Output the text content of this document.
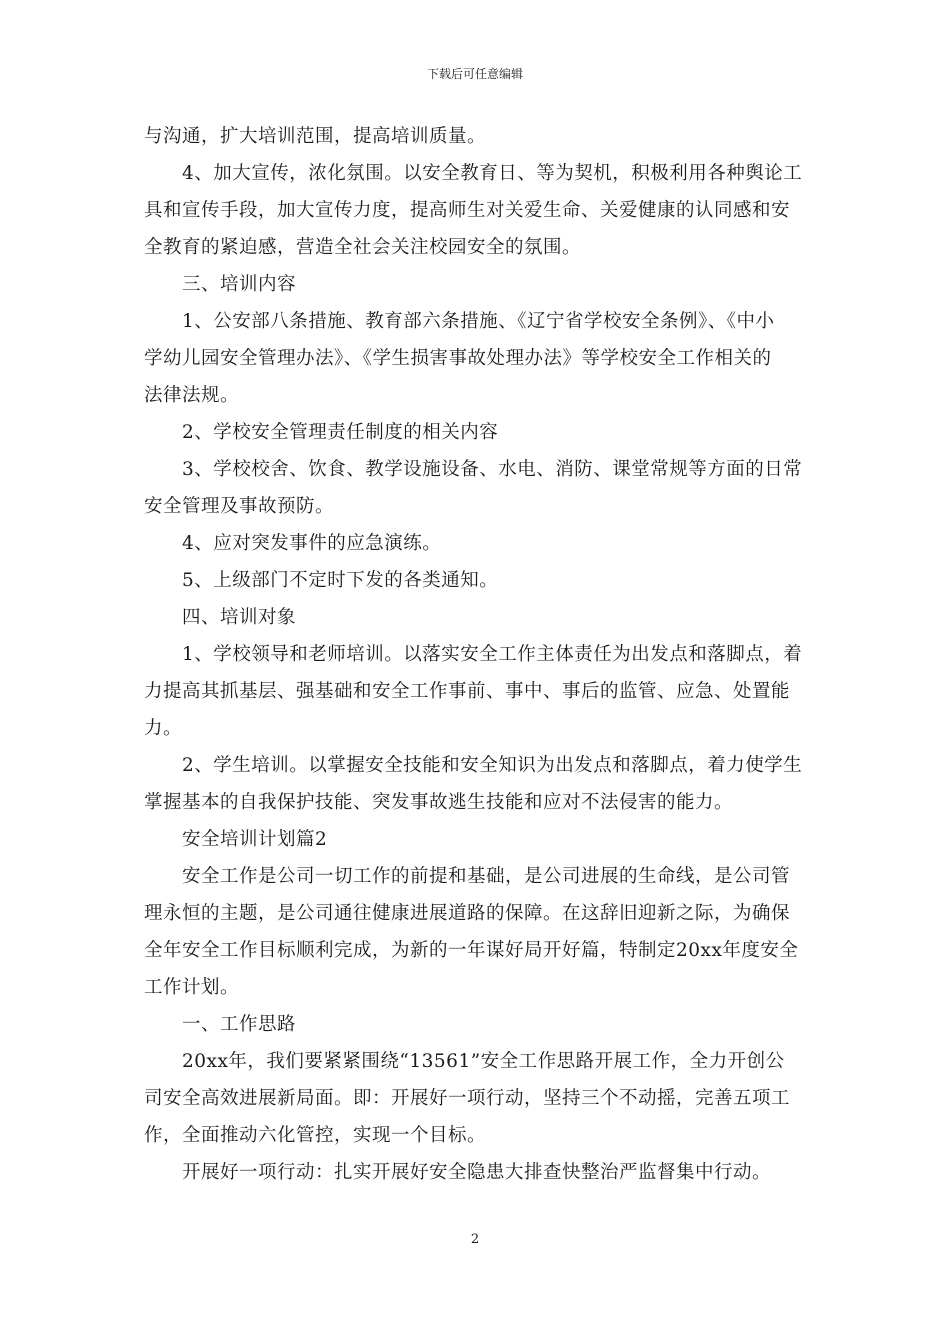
下载后可任意编辑
与沟通，扩大培训范围，提高培训质量。
4、加大宣传，浓化氛围。以安全教育日、等为契机，积极利用各种舆论工
具和宣传手段，加大宣传力度，提高师生对关爱生命、关爱健康的认同感和安
全教育的紧迫感，营造全社会关注校园安全的氛围。
三、培训内容
1、公安部八条措施、教育部六条措施、《辽宁省学校安全条例》、《中小
学幼儿园安全管理办法》、《学生损害事故处理办法》等学校安全工作相关的
法律法规。
2、学校安全管理责任制度的相关内容
3、学校校舍、饮食、教学设施设备、水电、消防、课堂常规等方面的日常
安全管理及事故预防。
4、应对突发事件的应急演练。
5、上级部门不定时下发的各类通知。
四、培训对象
1、学校领导和老师培训。以落实安全工作主体责任为出发点和落脚点，着
力提高其抓基层、强基础和安全工作事前、事中、事后的监管、应急、处置能
力。
2、学生培训。以掌握安全技能和安全知识为出发点和落脚点，着力使学生
掌握基本的自我保护技能、突发事故逃生技能和应对不法侵害的能力。
安全培训计划篇2
安全工作是公司一切工作的前提和基础，是公司进展的生命线，是公司管
理永恒的主题，是公司通往健康进展道路的保障。在这辞旧迎新之际，为确保
全年安全工作目标顺利完成，为新的一年谋好局开好篇，特制定20xx年度安全
工作计划。
一、工作思路
20xx年，我们要紧紧围绕“13561”安全工作思路开展工作，全力开创公
司安全高效进展新局面。即：开展好一项行动，坚持三个不动摇，完善五项工
作，全面推动六化管控，实现一个目标。
开展好一项行动：扎实开展好安全隐患大排查快整治严监督集中行动。
2
